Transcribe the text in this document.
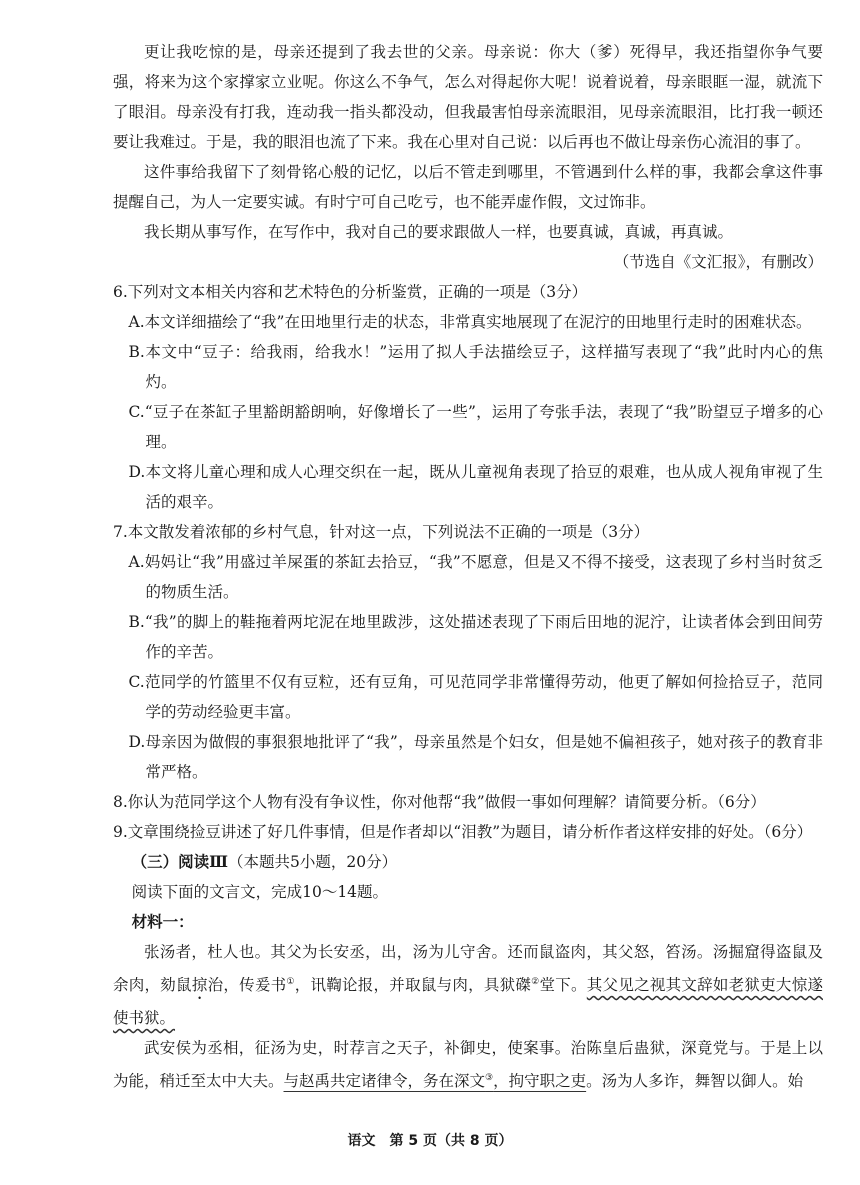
更让我吃惊的是，母亲还提到了我去世的父亲。母亲说：你大（爹）死得早，我还指望你争气要强，将来为这个家撑家立业呢。你这么不争气，怎么对得起你大呢！说着说着，母亲眼眶一湿，就流下了眼泪。母亲没有打我，连动我一指头都没动，但我最害怕母亲流眼泪，见母亲流眼泪，比打我一顿还要让我难过。于是，我的眼泪也流了下来。我在心里对自己说：以后再也不做让母亲伤心流泪的事了。

这件事给我留下了刻骨铭心般的记忆，以后不管走到哪里，不管遇到什么样的事，我都会拿这件事提醒自己，为人一定要实诚。有时宁可自己吃亏，也不能弄虚作假，文过饰非。

我长期从事写作，在写作中，我对自己的要求跟做人一样，也要真诚，真诚，再真诚。

（节选自《文汇报》，有删改）

6.下列对文本相关内容和艺术特色的分析鉴赏，正确的一项是（3分）

A.本文详细描绘了“我”在田地里行走的状态，非常真实地展现了在泥泞的田地里行走时的困难状态。

B.本文中“豆子：给我雨，给我水！”运用了拟人手法描绘豆子，这样描写表现了“我”此时内心的焦灼。

C.“豆子在茶缸子里豁朗豁朗响，好像增长了一些”，运用了夸张手法，表现了“我”盼望豆子增多的心理。

D.本文将儿童心理和成人心理交织在一起，既从儿童视角表现了拾豆的艰难，也从成人视角审视了生活的艰辛。

7.本文散发着浓郁的乡村气息，针对这一点，下列说法不正确的一项是（3分）

A.妈妈让“我”用盛过羊屎蛋的茶缸去拾豆，“我”不愿意，但是又不得不接受，这表现了乡村当时贫乏的物质生活。

B.“我”的脚上的鞋拖着两坨泥在地里跋涉，这处描述表现了下雨后田地的泥泞，让读者体会到田间劳作的辛苦。

C.范同学的竹篮里不仅有豆粒，还有豆角，可见范同学非常懂得劳动，他更了解如何捡拾豆子，范同学的劳动经验更丰富。

D.母亲因为做假的事狠狠地批评了“我”，母亲虽然是个妇女，但是她不偏袒孩子，她对孩子的教育非常严格。

8.你认为范同学这个人物有没有争议性，你对他帮“我”做假一事如何理解？请简要分析。（6分）

9.文章围绕捡豆讲述了好几件事情，但是作者却以“泪教”为题目，请分析作者这样安排的好处。（6分）

（三）阅读Ⅲ（本题共5小题，20分）

阅读下面的文言文，完成10～14题。

材料一：

张汤者，杜人也。其父为长安丞，出，汤为儿守舍。还而鼠盗肉，其父怒，笞汤。汤掘窟得盗鼠及余肉，劾鼠掠治，传爰书①，讯鞫论报，并取鼠与肉，具狱磔②堂下。其父见之视其文辞如老狱吏大惊遂使书狱。

武安侯为丞相，征汤为史，时荐言之天子，补御史，使案事。治陈皇后蛊狱，深竟党与。于是上以为能，稍迁至太中大夫。与赵禹共定诸律令，务在深文③，拘守职之吏。汤为人多诈，舞智以御人。始

语文　第 5 页（共 8 页）
